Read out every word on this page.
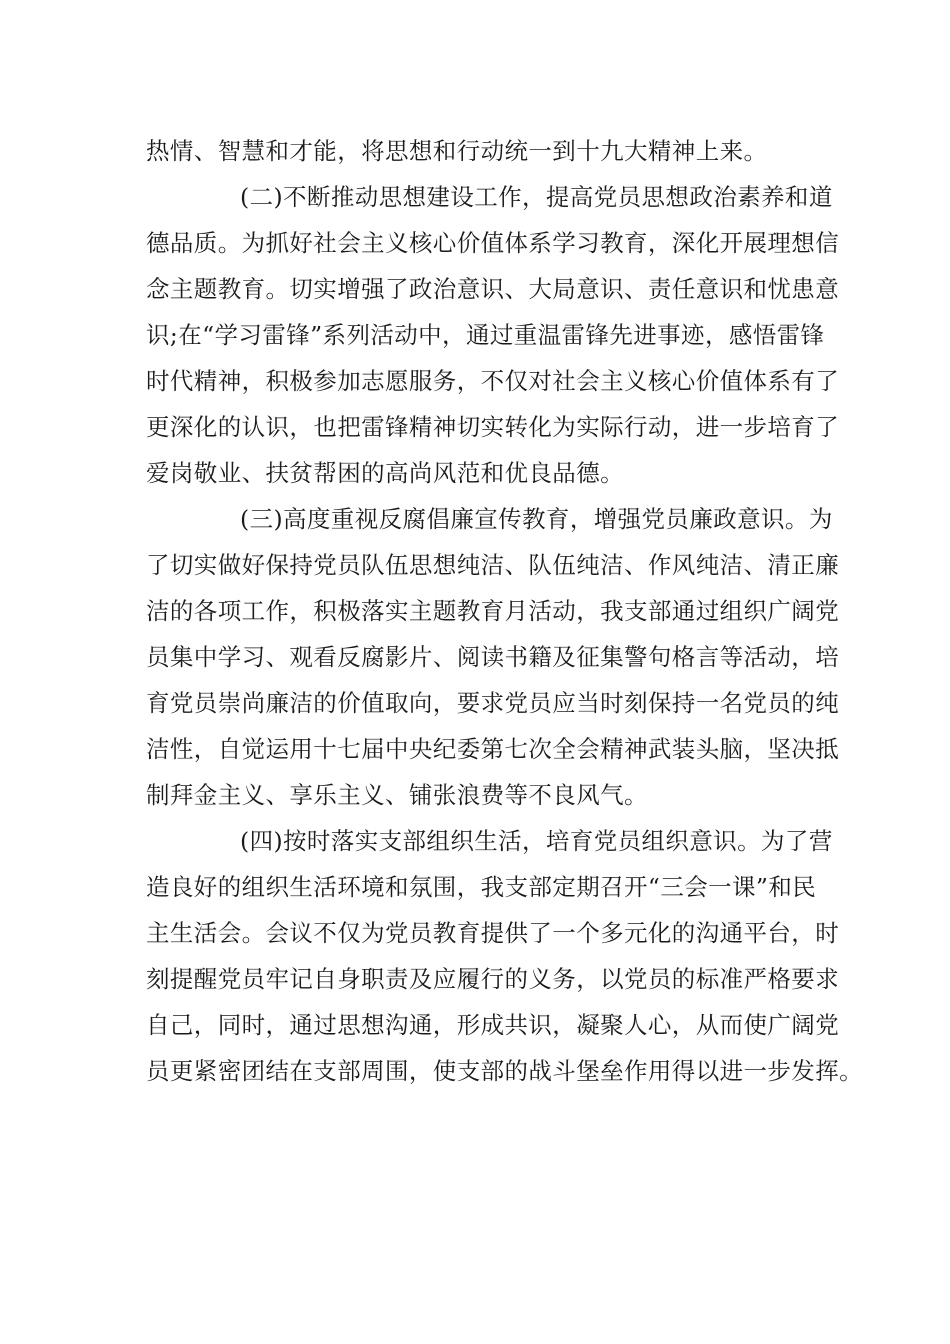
热情、智慧和才能，将思想和行动统一到十九大精神上来。
(二)不断推动思想建设工作，提高党员思想政治素养和道
德品质。为抓好社会主义核心价值体系学习教育，深化开展理想信
念主题教育。切实增强了政治意识、大局意识、责任意识和忧患意
识;在“学习雷锋”系列活动中，通过重温雷锋先进事迹，感悟雷锋
时代精神，积极参加志愿服务，不仅对社会主义核心价值体系有了
更深化的认识，也把雷锋精神切实转化为实际行动，进一步培育了
爱岗敬业、扶贫帮困的高尚风范和优良品德。
(三)高度重视反腐倡廉宣传教育，增强党员廉政意识。为
了切实做好保持党员队伍思想纯洁、队伍纯洁、作风纯洁、清正廉
洁的各项工作，积极落实主题教育月活动，我支部通过组织广阔党
员集中学习、观看反腐影片、阅读书籍及征集警句格言等活动，培
育党员崇尚廉洁的价值取向，要求党员应当时刻保持一名党员的纯
洁性，自觉运用十七届中央纪委第七次全会精神武装头脑，坚决抵
制拜金主义、享乐主义、铺张浪费等不良风气。
(四)按时落实支部组织生活，培育党员组织意识。为了营
造良好的组织生活环境和氛围，我支部定期召开“三会一课”和民
主生活会。会议不仅为党员教育提供了一个多元化的沟通平台，时
刻提醒党员牢记自身职责及应履行的义务，以党员的标准严格要求
自己，同时，通过思想沟通，形成共识，凝聚人心，从而使广阔党
员更紧密团结在支部周围，使支部的战斗堡垒作用得以进一步发挥。
